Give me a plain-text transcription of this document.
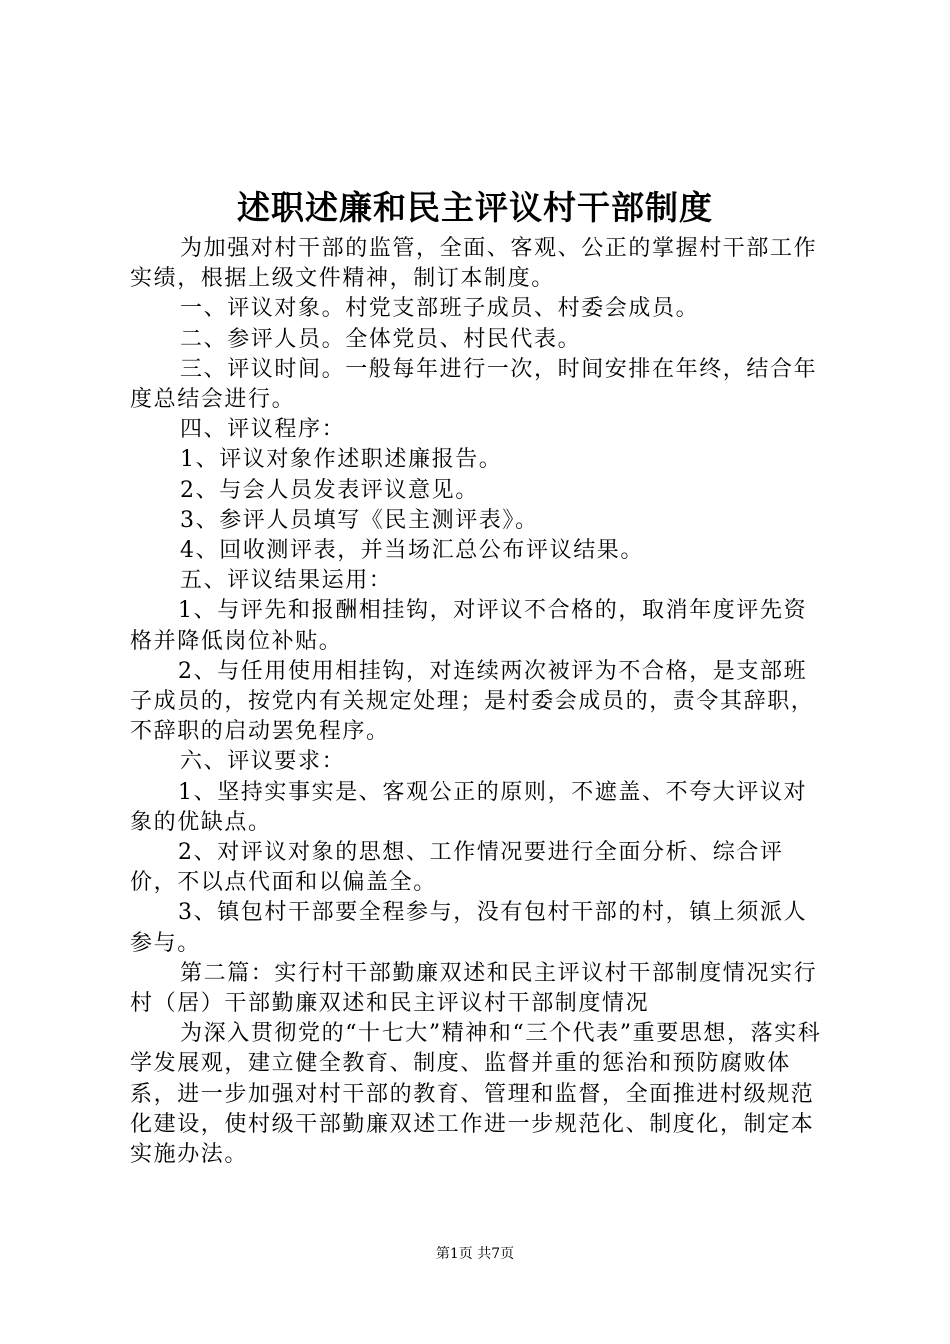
述职述廉和民主评议村干部制度

为加强对村干部的监管，全面、客观、公正的掌握村干部工作实绩，根据上级文件精神，制订本制度。

一、评议对象。村党支部班子成员、村委会成员。

二、参评人员。全体党员、村民代表。

三、评议时间。一般每年进行一次，时间安排在年终，结合年度总结会进行。

四、评议程序：

1、评议对象作述职述廉报告。

2、与会人员发表评议意见。

3、参评人员填写《民主测评表》。

4、回收测评表，并当场汇总公布评议结果。

五、评议结果运用：

1、与评先和报酬相挂钩，对评议不合格的，取消年度评先资格并降低岗位补贴。

2、与任用使用相挂钩，对连续两次被评为不合格，是支部班子成员的，按党内有关规定处理；是村委会成员的，责令其辞职，不辞职的启动罢免程序。

六、评议要求：

1、坚持实事实是、客观公正的原则，不遮盖、不夸大评议对象的优缺点。

2、对评议对象的思想、工作情况要进行全面分析、综合评价，不以点代面和以偏盖全。

3、镇包村干部要全程参与，没有包村干部的村，镇上须派人参与。

第二篇：实行村干部勤廉双述和民主评议村干部制度情况实行村（居）干部勤廉双述和民主评议村干部制度情况

为深入贯彻党的“十七大”精神和“三个代表”重要思想，落实科学发展观，建立健全教育、制度、监督并重的惩治和预防腐败体系，进一步加强对村干部的教育、管理和监督，全面推进村级规范化建设，使村级干部勤廉双述工作进一步规范化、制度化，制定本实施办法。

第1页 共7页
